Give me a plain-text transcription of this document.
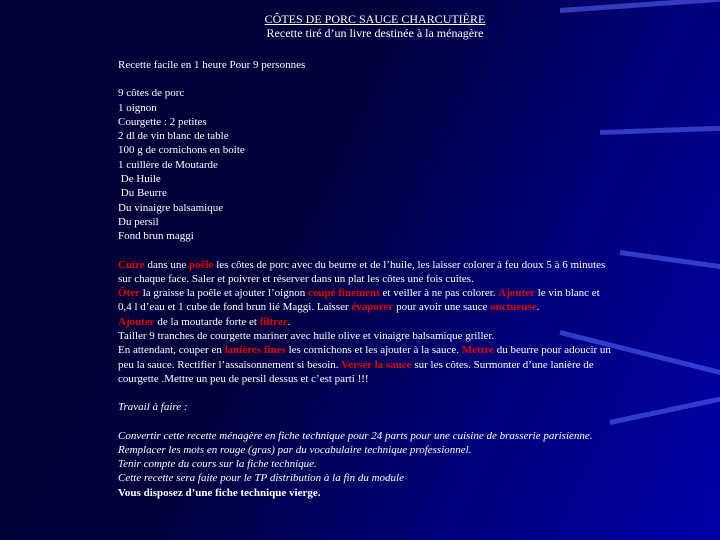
CÔTES DE PORC SAUCE CHARCUTIÈRE
Recette tiré d’un livre destinée à la ménagère
Recette facile en 1 heure Pour 9 personnes
9 côtes de porc
1 oignon
Courgette : 2 petites
2 dl de vin blanc de table
100 g de cornichons en boite
1 cuillère de Moutarde
De Huile
Du Beurre
Du vinaigre balsamique
Du persil
Fond brun maggi
Cuire dans une poêle les côtes de porc avec du beurre et de l’huile, les laisser colorer à feu doux 5 à 6 minutes sur chaque face. Saler et poivrer et réserver dans un plat les côtes une fois cuites.
Ôter la graisse la poêle et ajouter l’oignon coupé finement et veiller à ne pas colorer. Ajouter le vin blanc et 0,4 l d’eau et 1 cube de fond brun lié Maggi. Laisser évaporer pour avoir une sauce onctueuse.
Ajouter de la moutarde forte et filtrer.
Tailler 9 tranches de courgette mariner avec huile olive et vinaigre balsamique griller.
En attendant, couper en lanières fines les cornichons et les ajouter à la sauce. Mettre du beurre pour adoucir un peu la sauce. Rectifier l’assaisonnement si besoin. Verser la sauce sur les côtes. Surmonter d’une lanière de courgette .Mettre un peu de persil dessus et c’est parti !!!
Travail à faire :
Convertir cette recette ménagère en fiche technique pour 24 parts pour une cuisine de brasserie parisienne.
Remplacer les mots en rouge (gras) par du vocabulaire technique professionnel.
Tenir compte du cours sur la fiche technique.
Cette recette sera faite pour le TP distribution à la fin du module
Vous disposez d’une fiche technique vierge.
